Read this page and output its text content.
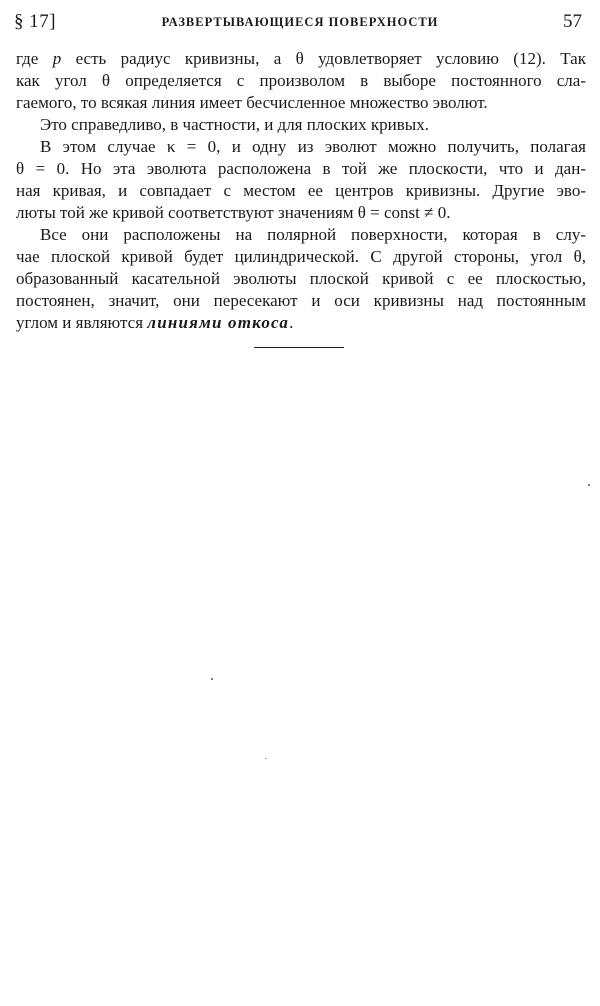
§ 17]	РАЗВЕРТЫВАЮЩИЕСЯ ПОВЕРХНОСТИ	57
где p есть радиус кривизны, а θ удовлетворяет условию (12). Так
как угол θ определяется с произволом в выборе постоянного сла-
гаемого, то всякая линия имеет бесчисленное множество эволют.
Это справедливо, в частности, и для плоских кривых.
В этом случае κ = 0, и одну из эволют можно получить, полагая
θ = 0. Но эта эволюта расположена в той же плоскости, что и дан-
ная кривая, и совпадает с местом ее центров кривизны. Другие эво-
люты той же кривой соответствуют значениям θ = const ≠ 0.
Все они расположены на полярной поверхности, которая в слу-
чае плоской кривой будет цилиндрической. С другой стороны, угол θ,
образованный касательной эволюты плоской кривой с ее плоскостью,
постоянен, значит, они пересекают и оси кривизны над постоянным
углом и являются линиями откоса.
